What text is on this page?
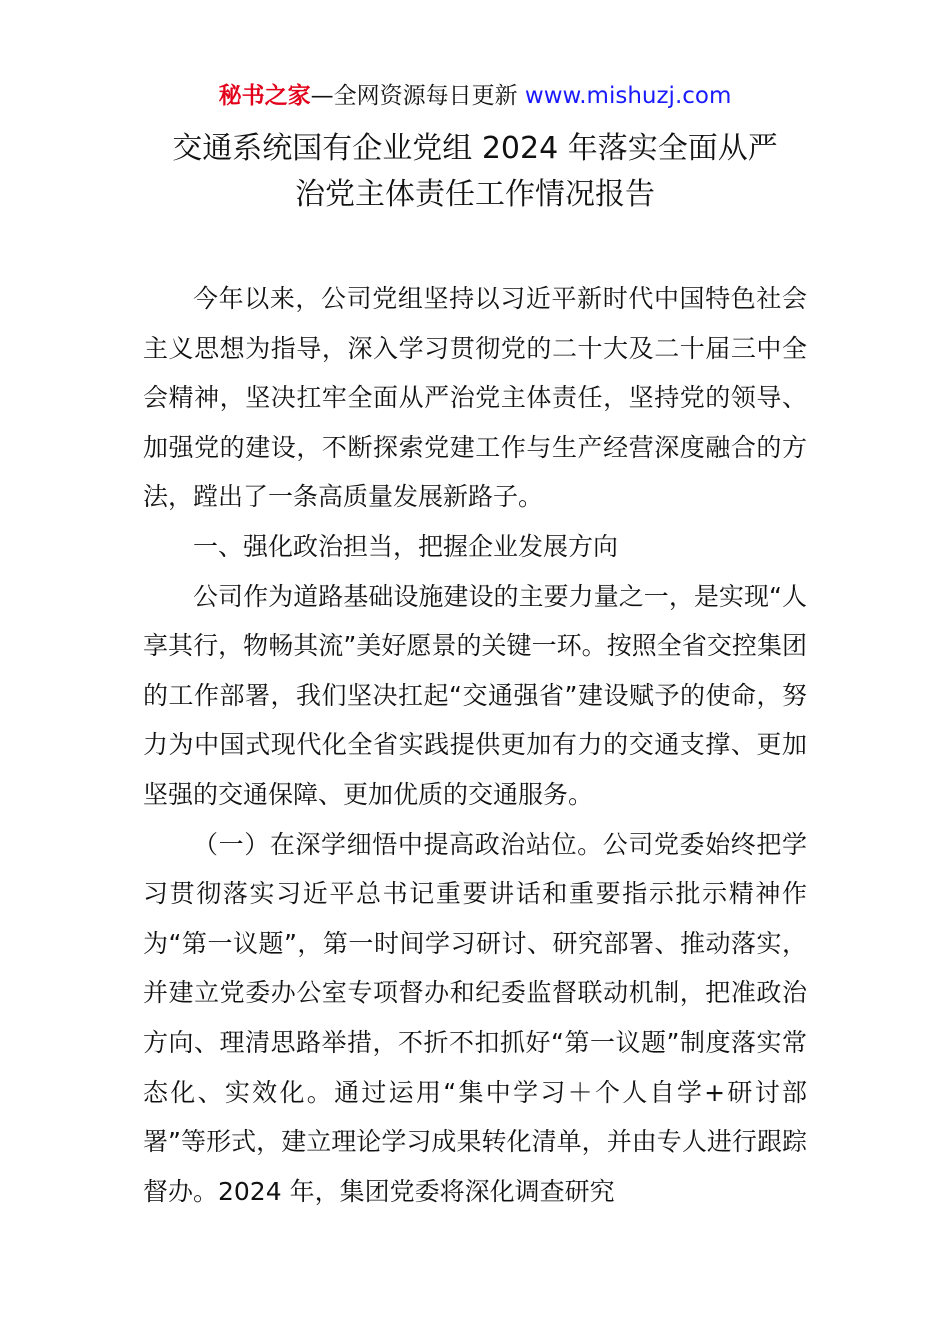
秘书之家—全网资源每日更新 www.mishuzj.com
交通系统国有企业党组 2024 年落实全面从严
治党主体责任工作情况报告

今年以来，公司党组坚持以习近平新时代中国特色社会主义思想为指导，深入学习贯彻党的二十大及二十届三中全会精神，坚决扛牢全面从严治党主体责任，坚持党的领导、加强党的建设，不断探索党建工作与生产经营深度融合的方法，蹚出了一条高质量发展新路子。

一、强化政治担当，把握企业发展方向

公司作为道路基础设施建设的主要力量之一，是实现“人享其行，物畅其流”美好愿景的关键一环。按照全省交控集团的工作部署，我们坚决扛起“交通强省”建设赋予的使命，努力为中国式现代化全省实践提供更加有力的交通支撑、更加坚强的交通保障、更加优质的交通服务。

（一）在深学细悟中提高政治站位。公司党委始终把学习贯彻落实习近平总书记重要讲话和重要指示批示精神作为“第一议题”，第一时间学习研讨、研究部署、推动落实，并建立党委办公室专项督办和纪委监督联动机制，把准政治方向、理清思路举措，不折不扣抓好“第一议题”制度落实常态化、实效化。通过运用“集中学习＋个人自学+研讨部署”等形式，建立理论学习成果转化清单，并由专人进行跟踪督办。2024 年，集团党委将深化调查研究
